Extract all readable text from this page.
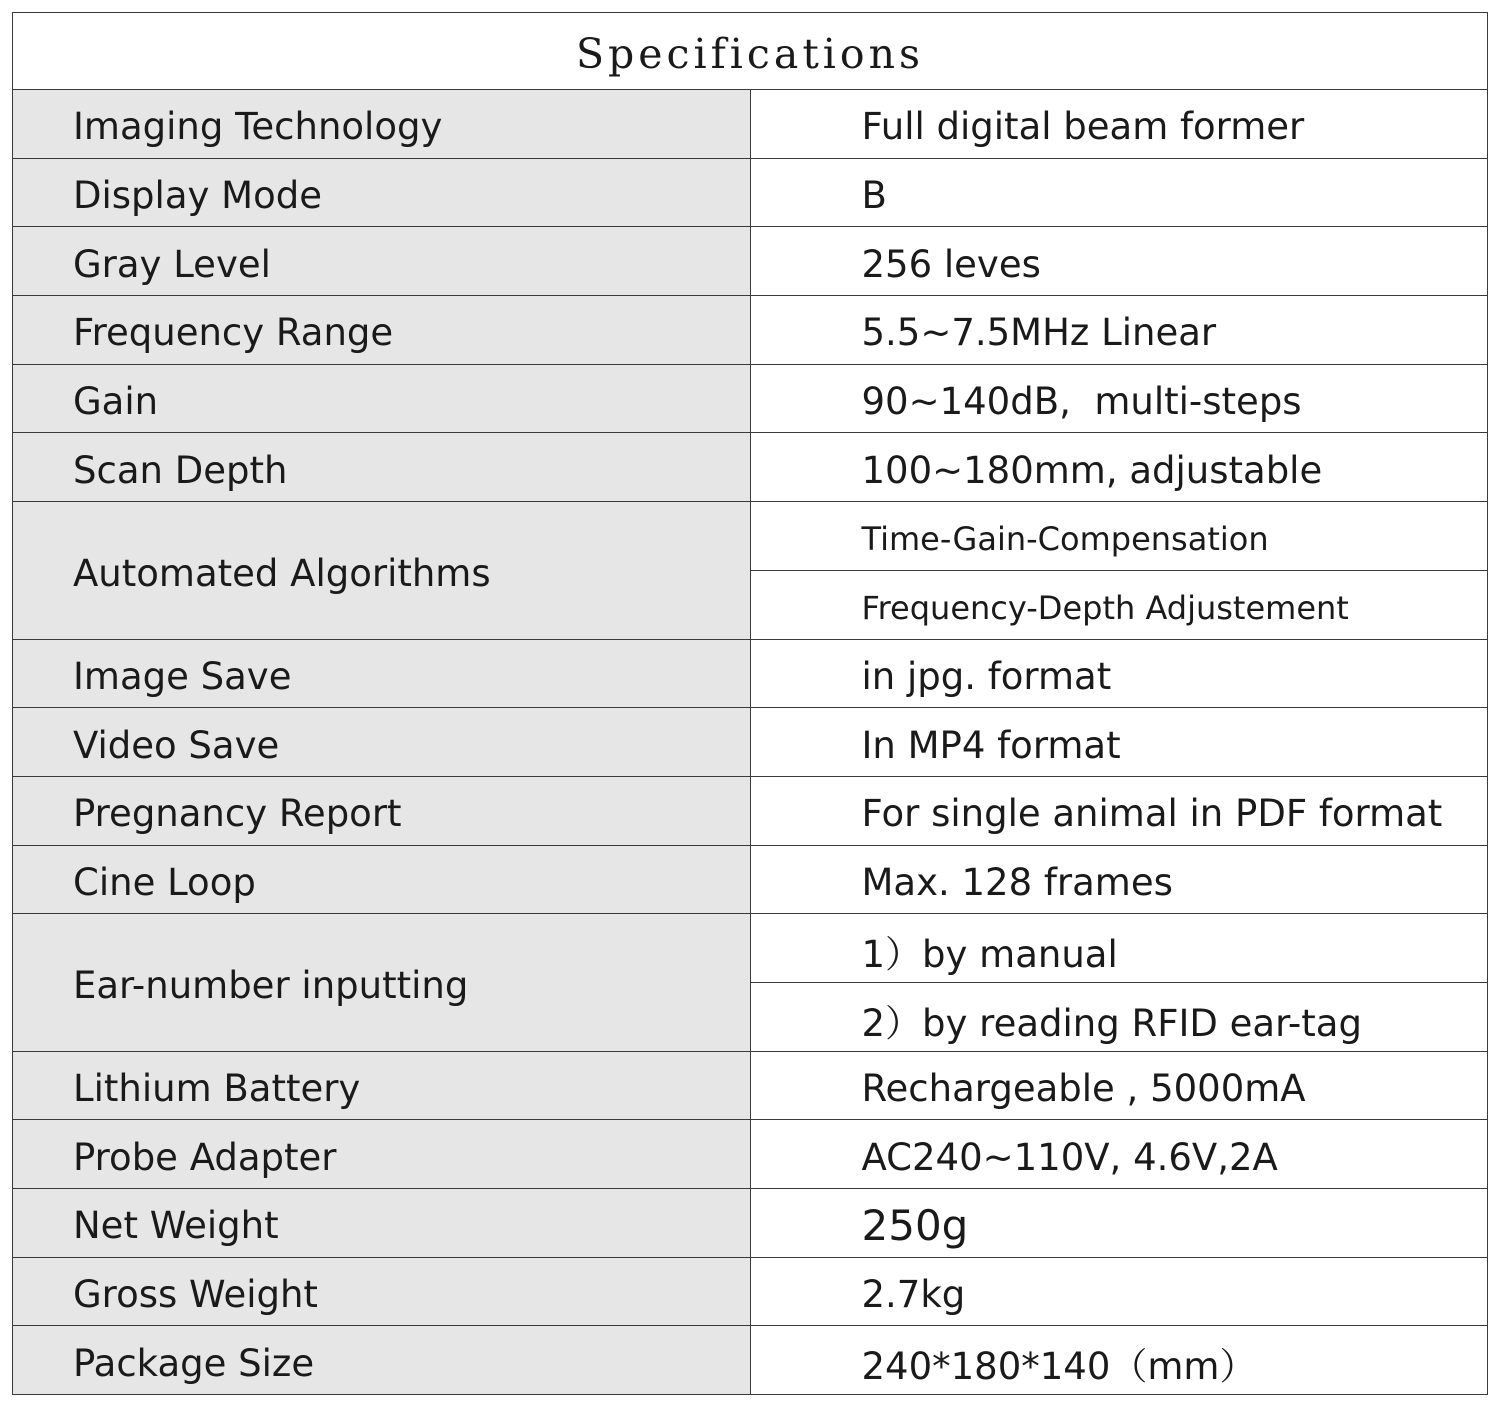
Specifications	
Imaging Technology	Full digital beam former
Display Mode	B
Gray Level	256 leves
Frequency Range	5.5~7.5MHz Linear
Gain	90~140dB,  multi-steps
Scan Depth	100~180mm, adjustable
Automated Algorithms	Time-Gain-Compensation
	Frequency-Depth Adjustement
Image Save	in jpg. format
Video Save	In MP4 format
Pregnancy Report	For single animal in PDF format
Cine Loop	Max. 128 frames
Ear-number inputting	1）by manual
	2）by reading RFID ear-tag
Lithium Battery	Rechargeable , 5000mA
Probe Adapter	AC240~110V, 4.6V,2A
Net Weight	250g
Gross Weight	2.7kg
Package Size	240*180*140（mm）
